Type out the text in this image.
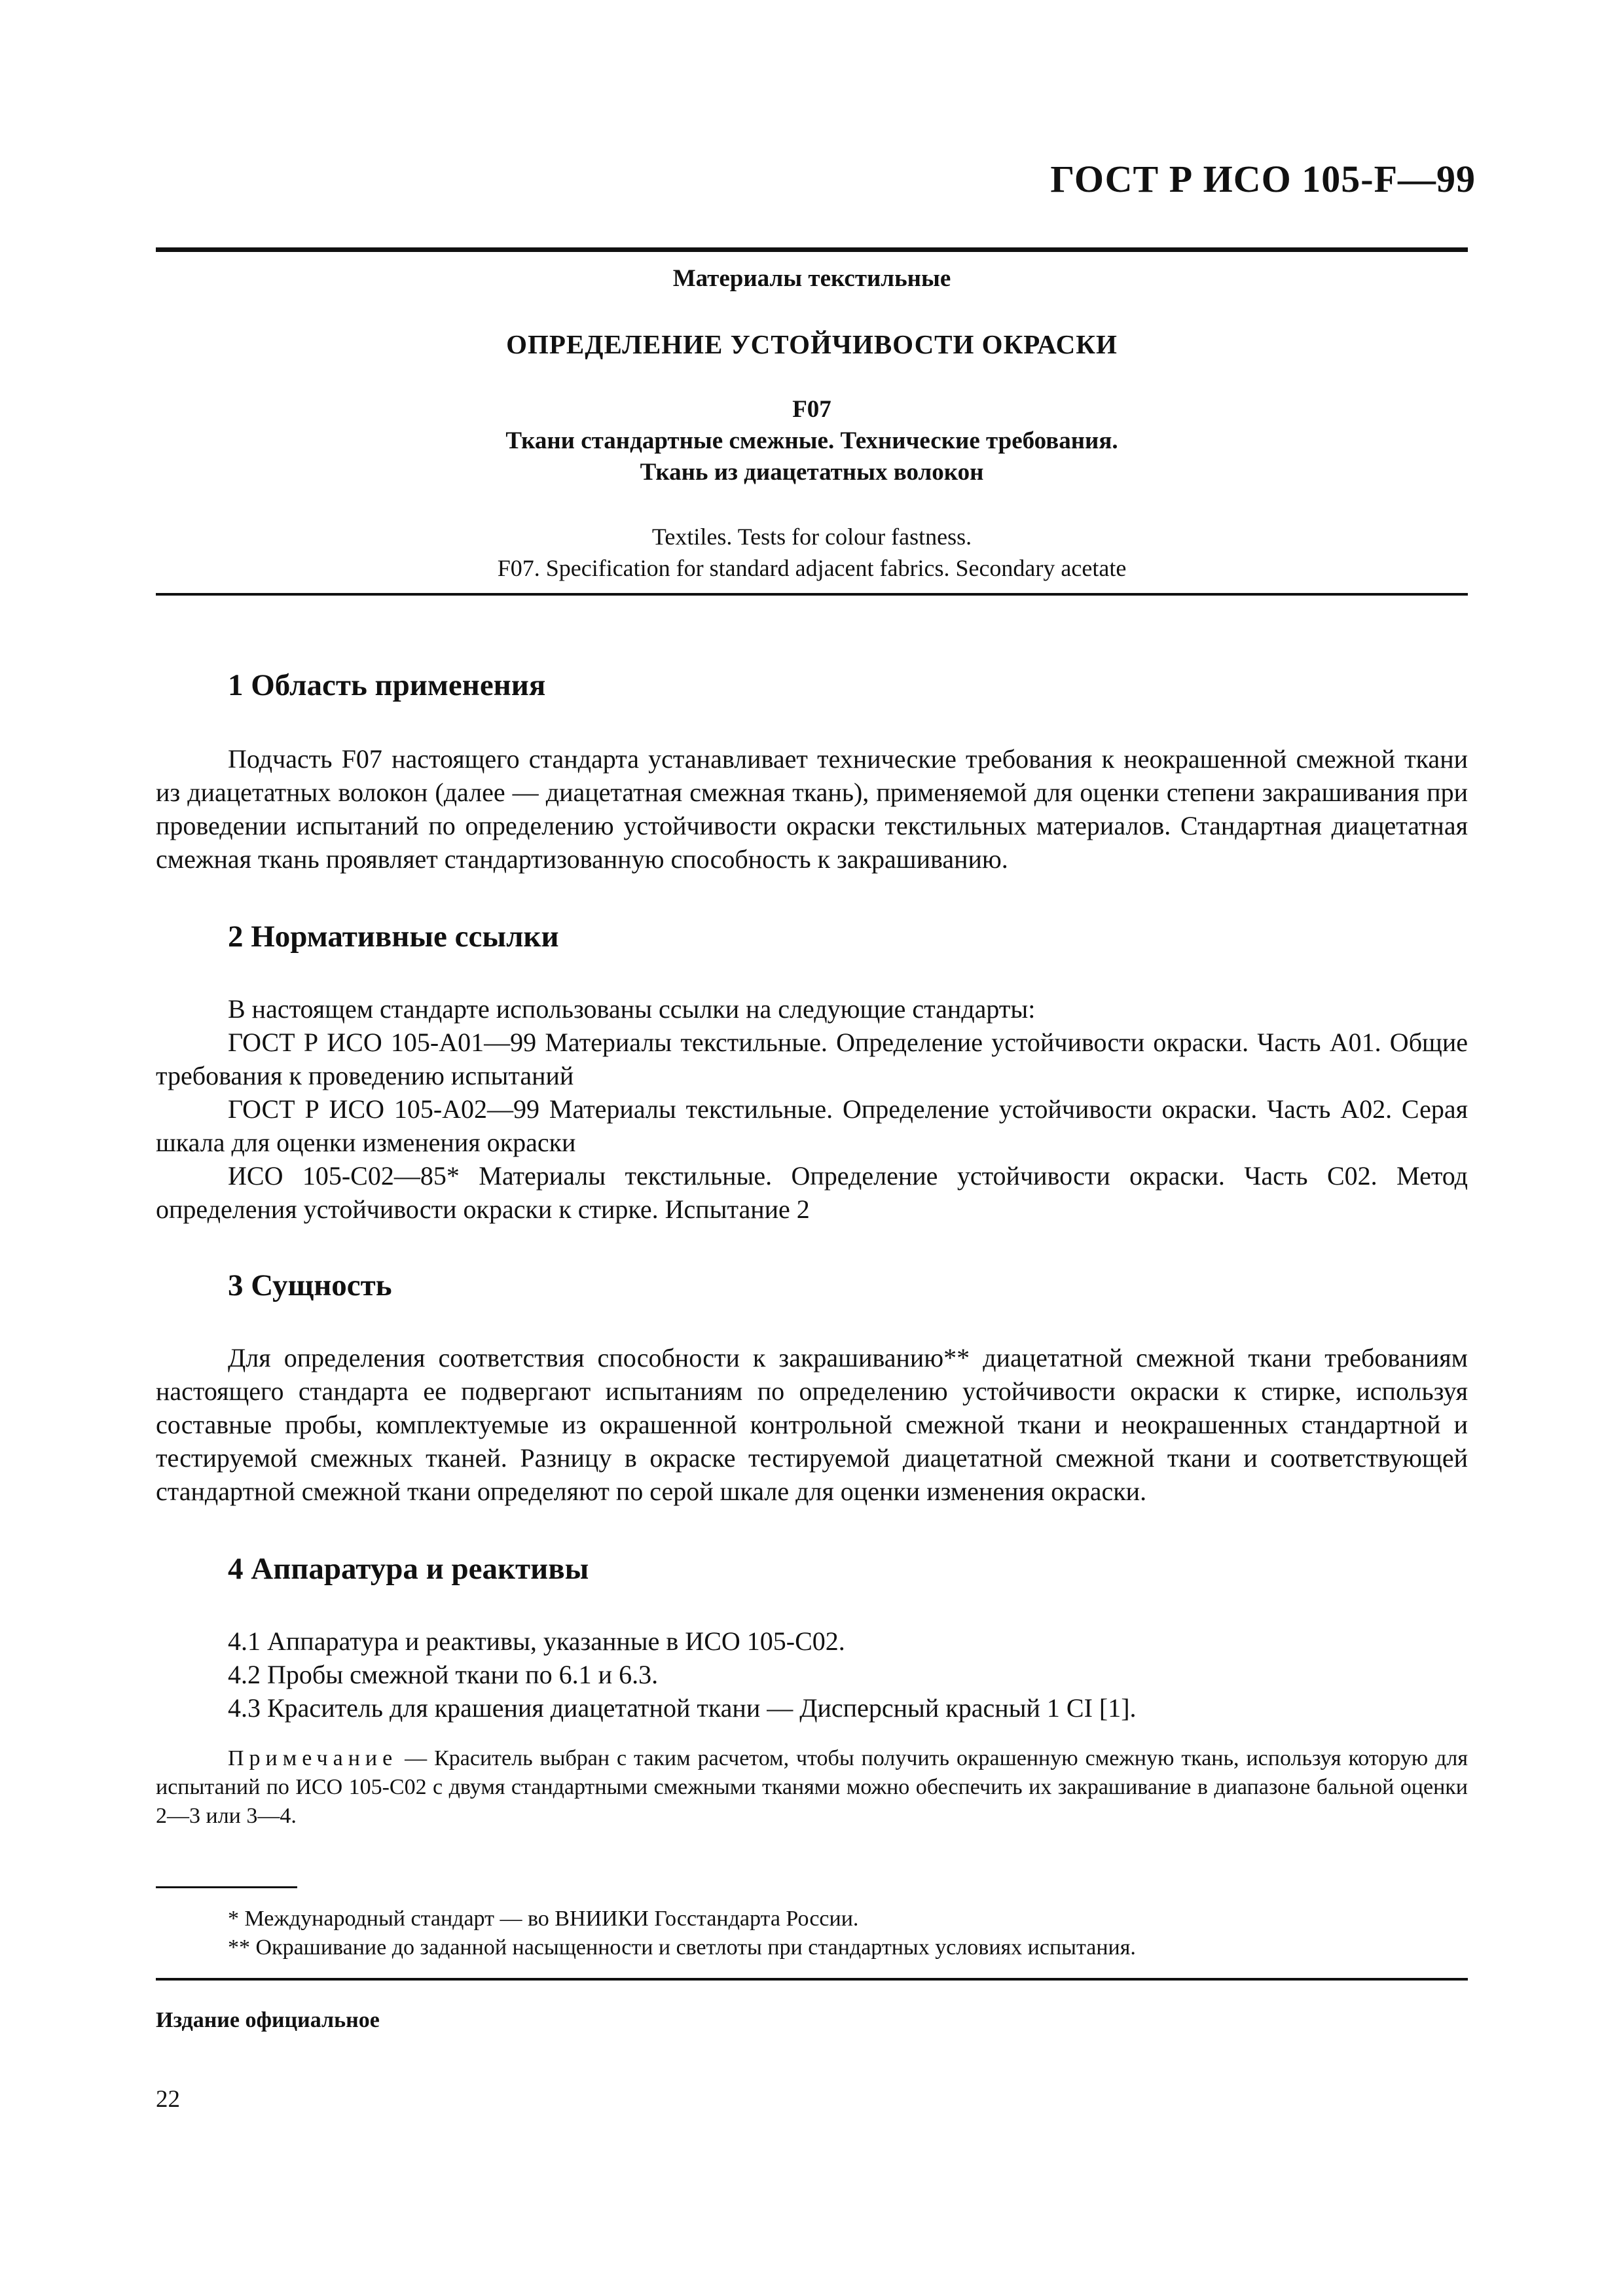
ГОСТ Р ИСО 105-F—99
Материалы текстильные
ОПРЕДЕЛЕНИЕ УСТОЙЧИВОСТИ ОКРАСКИ
F07
Ткани стандартные смежные. Технические требования.
Ткань из диацетатных волокон
Textiles. Tests for colour fastness.
F07. Specification for standard adjacent fabrics. Secondary acetate
1 Область применения

Подчасть F07 настоящего стандарта устанавливает технические требования к неокрашенной смежной ткани из диацетатных волокон (далее — диацетатная смежная ткань), применяемой для оценки степени закрашивания при проведении испытаний по определению устойчивости окраски текстильных материалов. Стандартная диацетатная смежная ткань проявляет стандартизованную способность к закрашиванию.

2 Нормативные ссылки

В настоящем стандарте использованы ссылки на следующие стандарты:

ГОСТ Р ИСО 105-А01—99 Материалы текстильные. Определение устойчивости окраски. Часть А01. Общие требования к проведению испытаний

ГОСТ Р ИСО 105-А02—99 Материалы текстильные. Определение устойчивости окраски. Часть А02. Серая шкала для оценки изменения окраски

ИСО 105-С02—85* Материалы текстильные. Определение устойчивости окраски. Часть С02. Метод определения устойчивости окраски к стирке. Испытание 2

3 Сущность

Для определения соответствия способности к закрашиванию** диацетатной смежной ткани требованиям настоящего стандарта ее подвергают испытаниям по определению устойчивости окраски к стирке, используя составные пробы, комплектуемые из окрашенной контрольной смежной ткани и неокрашенных стандартной и тестируемой смежных тканей. Разницу в окраске тестируемой диацетатной смежной ткани и соответствующей стандартной смежной ткани определяют по серой шкале для оценки изменения окраски.

4 Аппаратура и реактивы

4.1 Аппаратура и реактивы, указанные в ИСО 105-С02.

4.2 Пробы смежной ткани по 6.1 и 6.3.

4.3 Краситель для крашения диацетатной ткани — Дисперсный красный 1 CI [1].

Примечание — Краситель выбран с таким расчетом, чтобы получить окрашенную смежную ткань, используя которую для испытаний по ИСО 105-С02 с двумя стандартными смежными тканями можно обеспечить их закрашивание в диапазоне бальной оценки 2—3 или 3—4.

* Международный стандарт — во ВНИИКИ Госстандарта России.
** Окрашивание до заданной насыщенности и светлоты при стандартных условиях испытания.
Издание официальное
22
